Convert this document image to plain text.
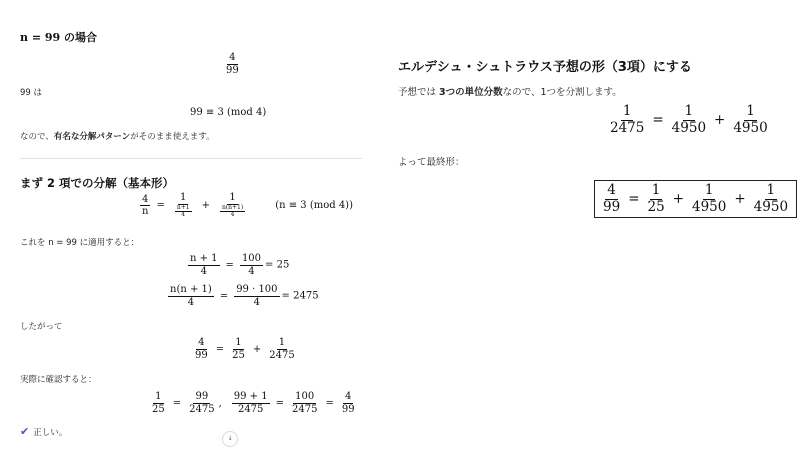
n = 99 の場合
$\frac{4}{99}$
99 は
99 ≡ 3 (mod 4)
なので、有名な分解パターンがそのまま使えます。
まず 2 項での分解（基本形）
$\frac{4}{n} = \frac{1}{\frac{n+1}{4}} + \frac{1}{\frac{n(n+1)}{4}}$	(n ≡ 3 (mod 4))
これを n = 99 に適用すると：
$\frac{n + 1}{4} = \frac{100}{4} = 25$
$\frac{n(n + 1)}{4} = \frac{99 \cdot 100}{4} = 2475$
したがって
$\frac{4}{99} = \frac{1}{25} + \frac{1}{2475}$
実際に確認すると：
$\frac{1}{25} = \frac{99}{2475}$ , $\frac{99 + 1}{2475} = \frac{100}{2475} = \frac{4}{99}$
✔ 正しい。
↓
エルデシュ・シュトラウス予想の形（3項）にする
予想では 3つの単位分数なので、1つを分割します。
$\frac{1}{2475} = \frac{1}{4950} + \frac{1}{4950}$
よって最終形：
$\frac{4}{99} = \frac{1}{25} + \frac{1}{4950} + \frac{1}{4950}$
